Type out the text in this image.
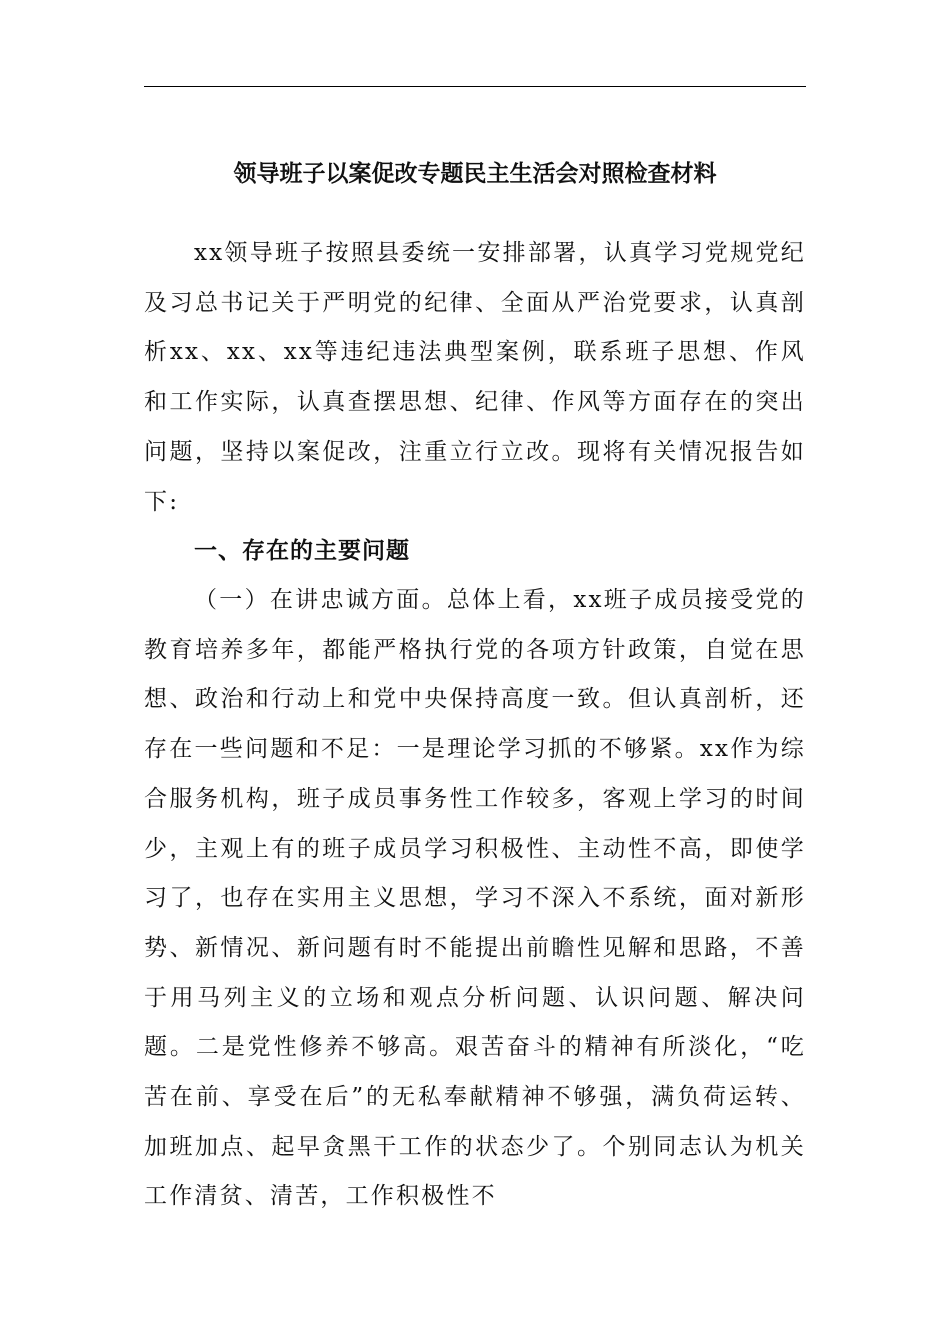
领导班子以案促改专题民主生活会对照检查材料

xx领导班子按照县委统一安排部署，认真学习党规党纪及习总书记关于严明党的纪律、全面从严治党要求，认真剖析xx、xx、xx等违纪违法典型案例，联系班子思想、作风和工作实际，认真查摆思想、纪律、作风等方面存在的突出问题，坚持以案促改，注重立行立改。现将有关情况报告如下:

一、存在的主要问题

（一）在讲忠诚方面。总体上看，xx班子成员接受党的教育培养多年，都能严格执行党的各项方针政策，自觉在思想、政治和行动上和党中央保持高度一致。但认真剖析，还存在一些问题和不足：一是理论学习抓的不够紧。xx作为综合服务机构，班子成员事务性工作较多，客观上学习的时间少，主观上有的班子成员学习积极性、主动性不高，即使学习了，也存在实用主义思想，学习不深入不系统，面对新形势、新情况、新问题有时不能提出前瞻性见解和思路，不善于用马列主义的立场和观点分析问题、认识问题、解决问题。二是党性修养不够高。艰苦奋斗的精神有所淡化，“吃苦在前、享受在后”的无私奉献精神不够强，满负荷运转、加班加点、起早贪黑干工作的状态少了。个别同志认为机关工作清贫、清苦，工作积极性不
